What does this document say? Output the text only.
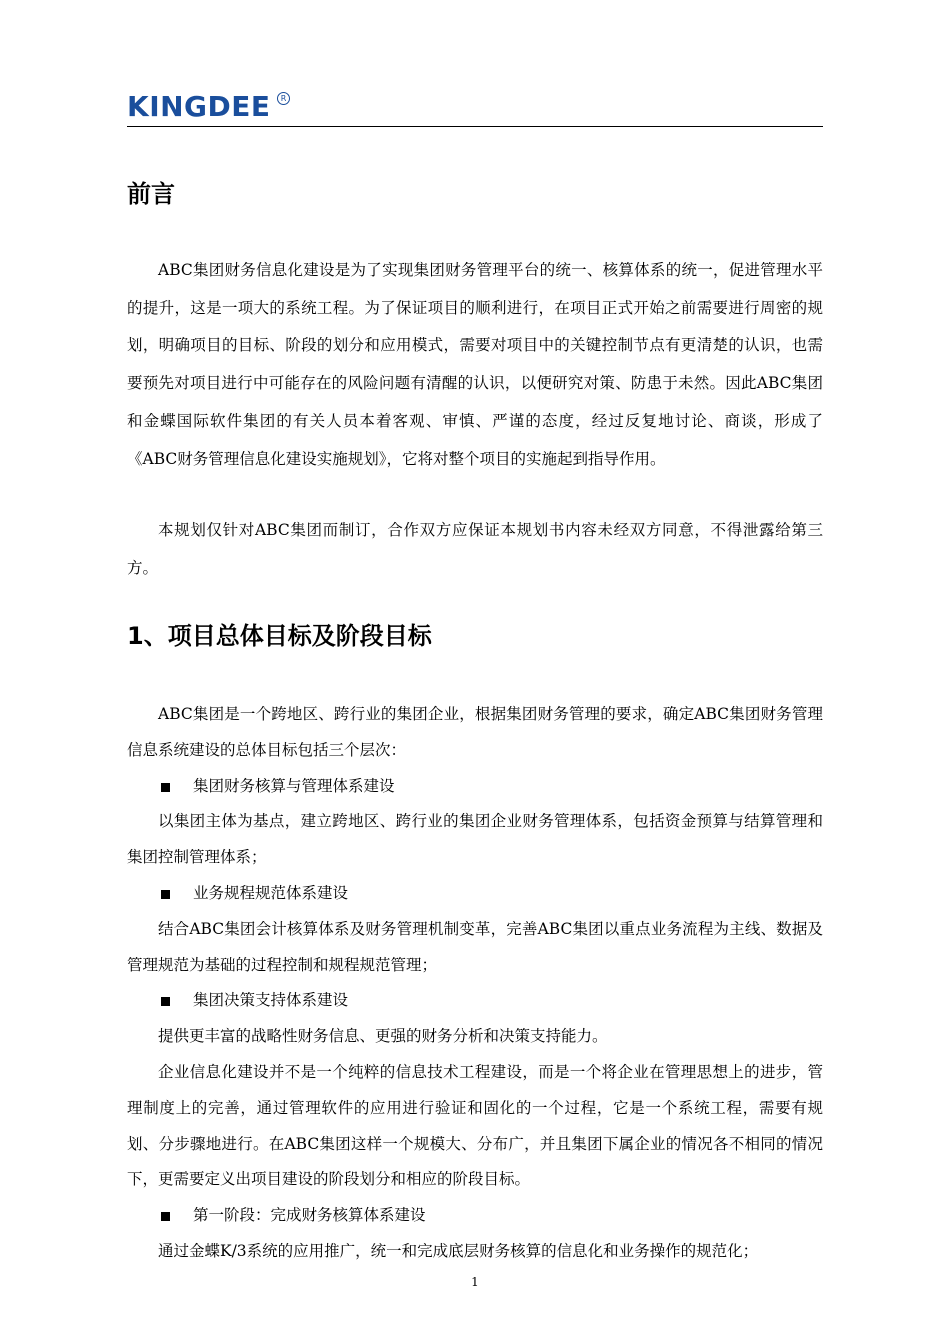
KINGDEE	R
前言

ABC集团财务信息化建设是为了实现集团财务管理平台的统一、核算体系的统一，促进管理水平的提升，这是一项大的系统工程。为了保证项目的顺利进行，在项目正式开始之前需要进行周密的规划，明确项目的目标、阶段的划分和应用模式，需要对项目中的关键控制节点有更清楚的认识，也需要预先对项目进行中可能存在的风险问题有清醒的认识，以便研究对策、防患于未然。因此ABC集团和金蝶国际软件集团的有关人员本着客观、审慎、严谨的态度，经过反复地讨论、商谈，形成了《ABC财务管理信息化建设实施规划》，它将对整个项目的实施起到指导作用。

本规划仅针对ABC集团而制订，合作双方应保证本规划书内容未经双方同意，不得泄露给第三方。

1、项目总体目标及阶段目标

ABC集团是一个跨地区、跨行业的集团企业，根据集团财务管理的要求，确定ABC集团财务管理信息系统建设的总体目标包括三个层次：

集团财务核算与管理体系建设

以集团主体为基点，建立跨地区、跨行业的集团企业财务管理体系，包括资金预算与结算管理和集团控制管理体系；

业务规程规范体系建设

结合ABC集团会计核算体系及财务管理机制变革，完善ABC集团以重点业务流程为主线、数据及管理规范为基础的过程控制和规程规范管理；

集团决策支持体系建设

提供更丰富的战略性财务信息、更强的财务分析和决策支持能力。

企业信息化建设并不是一个纯粹的信息技术工程建设，而是一个将企业在管理思想上的进步，管理制度上的完善，通过管理软件的应用进行验证和固化的一个过程，它是一个系统工程，需要有规划、分步骤地进行。在ABC集团这样一个规模大、分布广，并且集团下属企业的情况各不相同的情况下，更需要定义出项目建设的阶段划分和相应的阶段目标。

第一阶段：完成财务核算体系建设

通过金蝶K/3系统的应用推广，统一和完成底层财务核算的信息化和业务操作的规范化；

1
